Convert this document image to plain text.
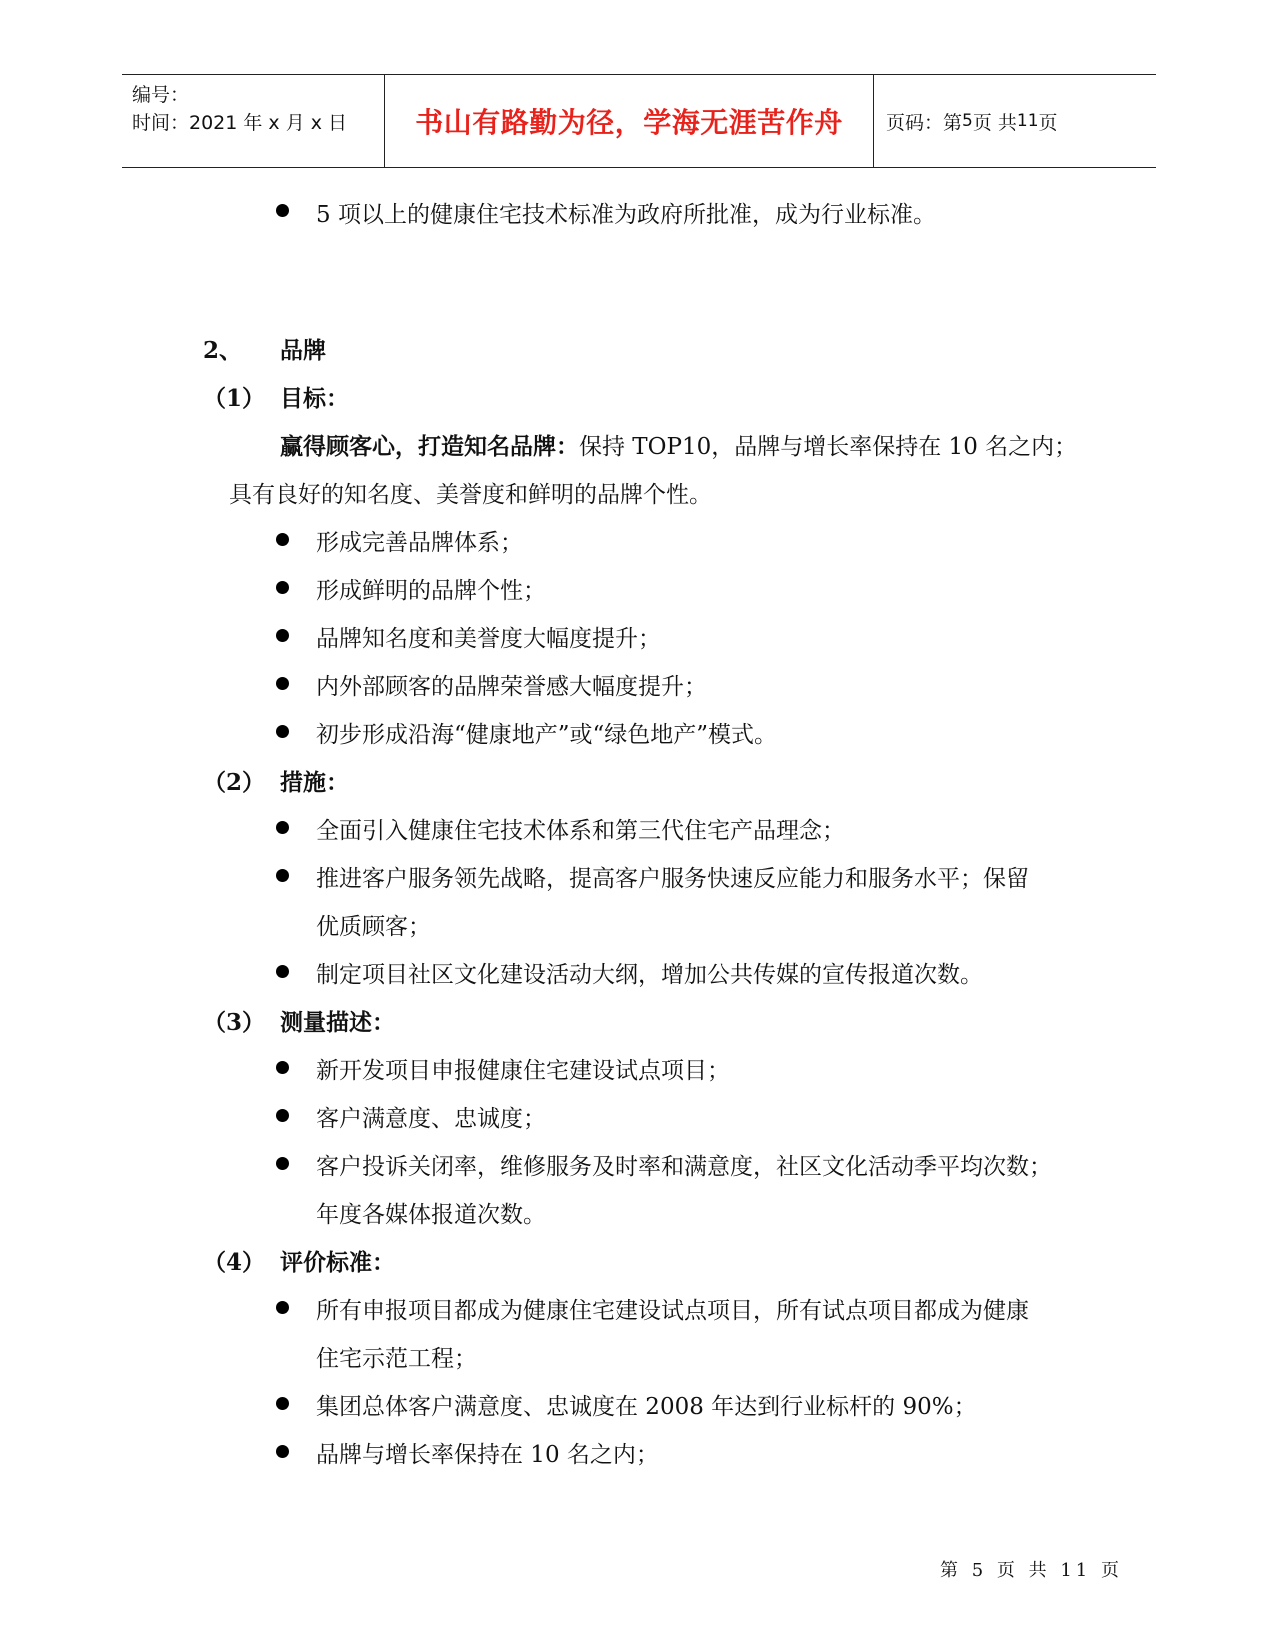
编号：
时间：2021 年 x 月 x 日	书山有路勤为径，学海无涯苦作舟 页码：第 5 页 共 11 页
5 项以上的健康住宅技术标准为政府所批准，成为行业标准。
2、 品牌
（1） 目标：
赢得顾客心，打造知名品牌：保持 TOP10，品牌与增长率保持在 10 名之内；
具有良好的知名度、美誉度和鲜明的品牌个性。
形成完善品牌体系；
形成鲜明的品牌个性；
品牌知名度和美誉度大幅度提升；
内外部顾客的品牌荣誉感大幅度提升；
初步形成沿海“健康地产”或“绿色地产”模式。
（2） 措施：
全面引入健康住宅技术体系和第三代住宅产品理念；
推进客户服务领先战略，提高客户服务快速反应能力和服务水平；保留
优质顾客；
制定项目社区文化建设活动大纲，增加公共传媒的宣传报道次数。
（3） 测量描述：
新开发项目申报健康住宅建设试点项目；
客户满意度、忠诚度；
客户投诉关闭率，维修服务及时率和满意度，社区文化活动季平均次数；
年度各媒体报道次数。
（4） 评价标准：
所有申报项目都成为健康住宅建设试点项目，所有试点项目都成为健康
住宅示范工程；
集团总体客户满意度、忠诚度在 2008 年达到行业标杆的 90%；
品牌与增长率保持在 10 名之内；
第 5 页 共 11 页
